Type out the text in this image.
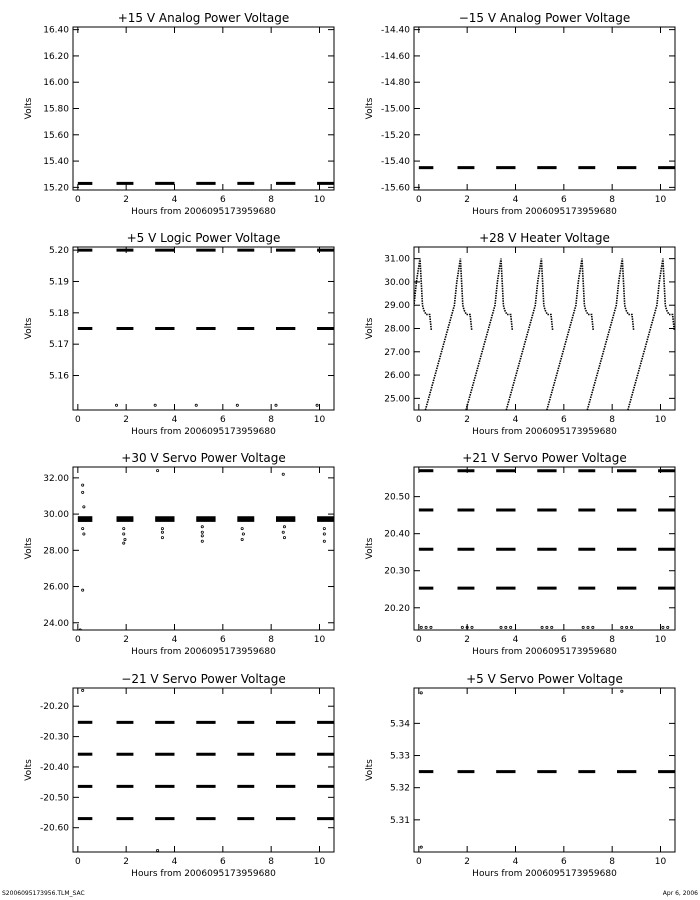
+15 V Analog Power Voltage
0	2	4	6	8	10
15.20
15.40
15.60
15.80
16.00
16.20
16.40
Hours from 2006095173959680
Volts
−15 V Analog Power Voltage
0	2	4	6	8	10
-15.60
-15.40
-15.20
-15.00
-14.80
-14.60
-14.40
Hours from 2006095173959680
Volts
+5 V Logic Power Voltage
0	2	4	6	8	10
5.16
5.17
5.18
5.19
5.20
Hours from 2006095173959680
Volts
+28 V Heater Voltage
0	2	4	6	8	10
25.00
26.00
27.00
28.00
29.00
30.00
31.00
Hours from 2006095173959680
Volts
+30 V Servo Power Voltage
0	2	4	6	8	10
24.00
26.00
28.00
30.00
32.00
Hours from 2006095173959680
Volts
+21 V Servo Power Voltage
0	2	4	6	8	10
20.20
20.30
20.40
20.50
Hours from 2006095173959680
Volts
−21 V Servo Power Voltage
0	2	4	6	8	10
-20.60
-20.50
-20.40
-20.30
-20.20
Hours from 2006095173959680
Volts
+5 V Servo Power Voltage
0	2	4	6	8	10
5.31
5.32
5.33
5.34
Hours from 2006095173959680
Volts
S2006095173956.TLM_SAC	Apr 6, 2006
